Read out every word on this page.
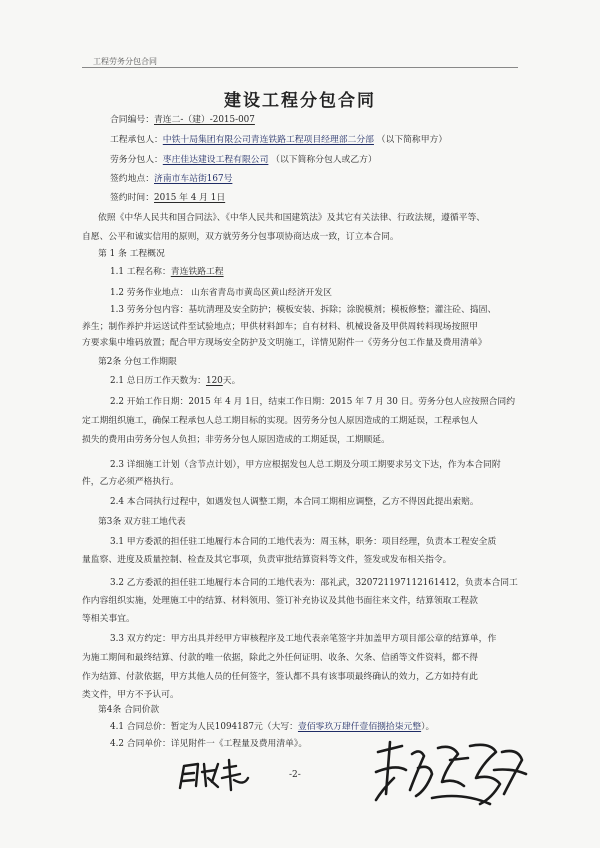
工程劳务分包合同
建设工程分包合同
合同编号：青连二-（建）-2015-007
工程承包人：中铁十局集团有限公司青连铁路工程项目经理部二分部 （以下简称甲方）
劳务分包人：枣庄佳达建设工程有限公司 （以下简称分包人或乙方）
签约地点：济南市车站街167号
签约时间：2015 年 4 月 1日
依照《中华人民共和国合同法》、《中华人民共和国建筑法》及其它有关法律、行政法规，遵循平等、
自愿、公平和诚实信用的原则，双方就劳务分包事项协商达成一致，订立本合同。
第 1 条 工程概况
1.1 工程名称：青连铁路工程
1.2 劳务作业地点： 山东省青岛市黄岛区黄山经济开发区
1.3 劳务分包内容：基坑清理及安全防护；模板安装、拆除；涂脱模剂；模板修整；灌注砼、捣固、
养生；制作养护并运送试件至试验地点；甲供材料卸车；自有材料、机械设备及甲供周转料现场按照甲
方要求集中堆码放置；配合甲方现场安全防护及文明施工，详情见附件一《劳务分包工作量及费用清单》
第2条 分包工作期限
2.1 总日历工作天数为：120天。
2.2 开始工作日期：2015 年 4 月 1日，结束工作日期：2015 年 7 月 30 日。劳务分包人应按照合同约
定工期组织施工，确保工程承包人总工期目标的实现。因劳务分包人原因造成的工期延误，工程承包人
损失的费用由劳务分包人负担；非劳务分包人原因造成的工期延误，工期顺延。
2.3 详细施工计划（含节点计划），甲方应根据发包人总工期及分项工期要求另文下达，作为本合同附
件，乙方必须严格执行。
2.4 本合同执行过程中，如遇发包人调整工期，本合同工期相应调整，乙方不得因此提出索赔。
第3条 双方驻工地代表
3.1 甲方委派的担任驻工地履行本合同的工地代表为：周玉林，职务：项目经理，负责本工程安全质
量监察、进度及质量控制、检查及其它事项，负责审批结算资料等文件，签发或发布相关指令。
3.2 乙方委派的担任驻工地履行本合同的工地代表为：邵礼武，320721197112161412，负责本合同工
作内容组织实施，处理施工中的结算、材料领用、签订补充协议及其他书面往来文件，结算领取工程款
等相关事宜。
3.3 双方约定：甲方出具并经甲方审核程序及工地代表亲笔签字并加盖甲方项目部公章的结算单，作
为施工期间和最终结算、付款的唯一依据，除此之外任何证明、收条、欠条、信函等文件资料，都不得
作为结算、付款依据，甲方其他人员的任何签字，签认都不具有该事项最终确认的效力，乙方如持有此
类文件，甲方不予认可。
第4条 合同价款
4.1 合同总价：暂定为人民1094187元（大写：壹佰零玖万肆仟壹佰捌拾柒元整）。
4.2 合同单价：详见附件一《工程量及费用清单》。
-2-
